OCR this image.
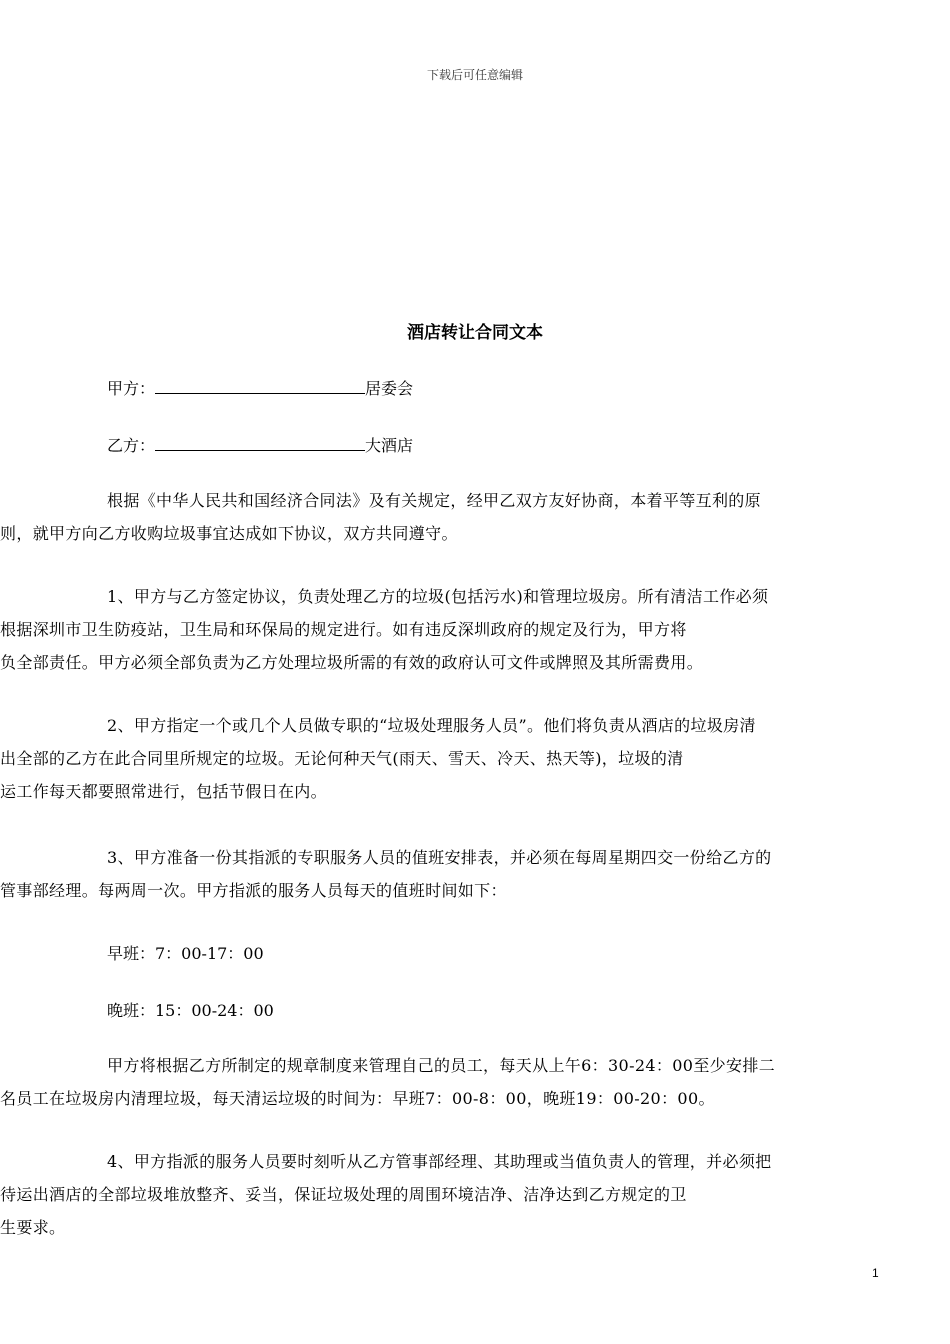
下载后可任意编辑
酒店转让合同文本
甲方：	居委会
乙方：	大酒店
根据《中华人民共和国经济合同法》及有关规定，经甲乙双方友好协商，本着平等互利的原
则，就甲方向乙方收购垃圾事宜达成如下协议，双方共同遵守。
1、甲方与乙方签定协议，负责处理乙方的垃圾(包括污水)和管理垃圾房。所有清洁工作必须
根据深圳市卫生防疫站，卫生局和环保局的规定进行。如有违反深圳政府的规定及行为，甲方将
负全部责任。甲方必须全部负责为乙方处理垃圾所需的有效的政府认可文件或牌照及其所需费用。
2、甲方指定一个或几个人员做专职的“垃圾处理服务人员”。他们将负责从酒店的垃圾房清
出全部的乙方在此合同里所规定的垃圾。无论何种天气(雨天、雪天、冷天、热天等)，垃圾的清
运工作每天都要照常进行，包括节假日在内。
3、甲方准备一份其指派的专职服务人员的值班安排表，并必须在每周星期四交一份给乙方的
管事部经理。每两周一次。甲方指派的服务人员每天的值班时间如下：
早班：7：00-17：00
晚班：15：00-24：00
甲方将根据乙方所制定的规章制度来管理自己的员工，每天从上午6：30-24：00至少安排二
名员工在垃圾房内清理垃圾，每天清运垃圾的时间为：早班7：00-8：00，晚班19：00-20：00。
4、甲方指派的服务人员要时刻听从乙方管事部经理、其助理或当值负责人的管理，并必须把
待运出酒店的全部垃圾堆放整齐、妥当，保证垃圾处理的周围环境洁净、洁净达到乙方规定的卫
生要求。
1
